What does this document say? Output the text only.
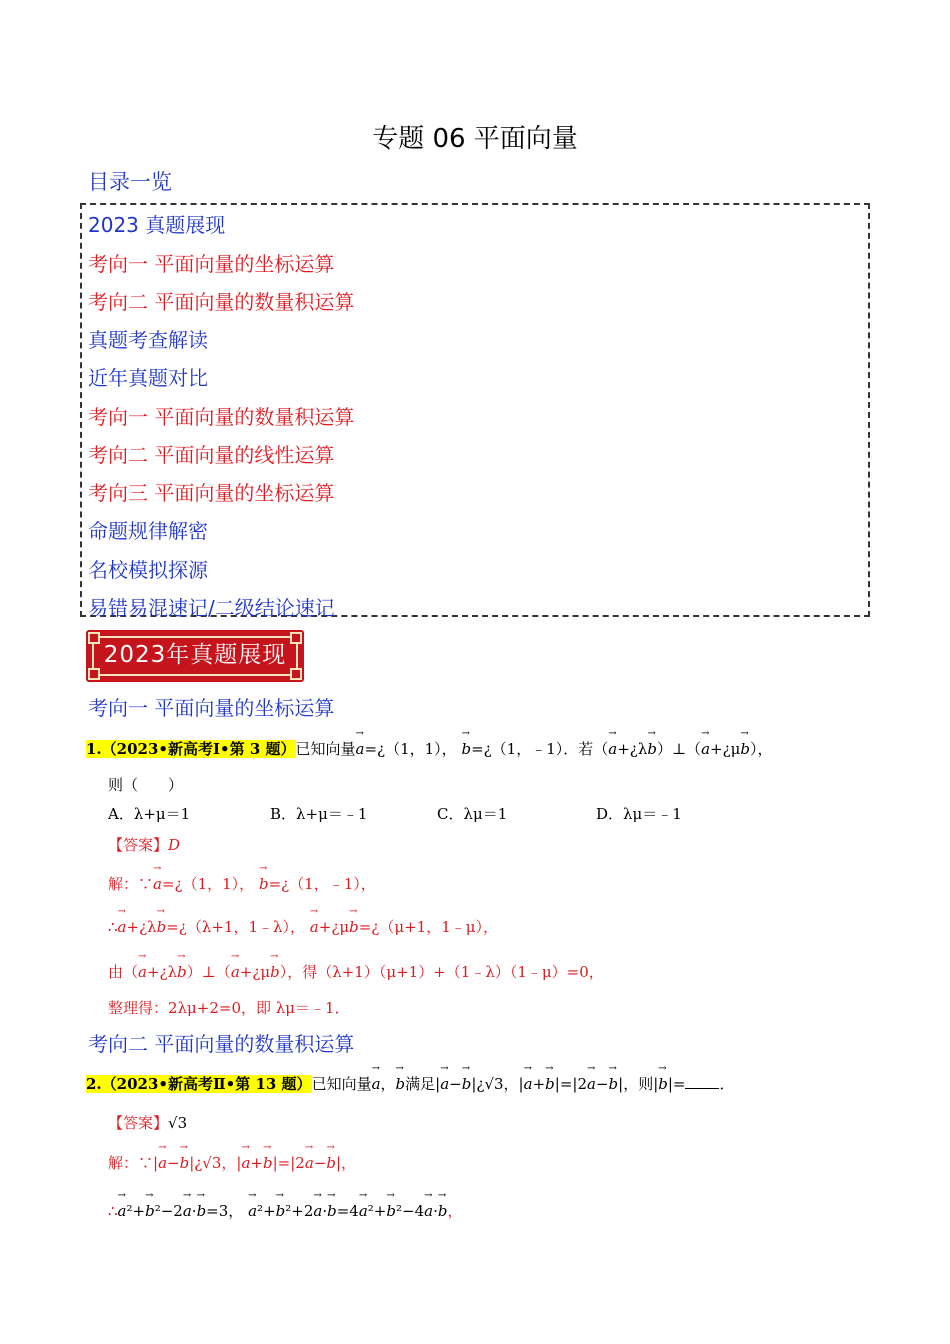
专题 06 平面向量
目录一览
2023 真题展现
考向一 平面向量的坐标运算
考向二 平面向量的数量积运算
真题考查解读
近年真题对比
考向一 平面向量的数量积运算
考向二 平面向量的线性运算
考向三 平面向量的坐标运算
命题规律解密
名校模拟探源
易错易混速记/二级结论速记
2023年真题展现
考向一 平面向量的坐标运算
1.（2023•新高考Ⅰ•第 3 题）已知向量→ a=¿（1，1）， → b=¿（1，﹣1）．若（→ a+¿λ→ b）⊥（→ a+¿μ→ b），
则（　　）
A．λ+μ＝1	B．λ+μ＝﹣1	C．λμ＝1	D．λμ＝﹣1
【答案】D
解：∵→ a=¿（1，1）， → b=¿（1，﹣1），
∴→ a+¿λ→ b=¿（λ+1，1﹣λ）， → a+¿μ→ b=¿（μ+1，1﹣μ），
由（→ a+¿λ→ b）⊥（→ a+¿μ→ b），得（λ+1）（μ+1）+（1﹣λ）（1﹣μ）=0，
整理得：2λμ+2=0，即 λμ＝﹣1．
考向二 平面向量的数量积运算
2.（2023•新高考Ⅱ•第 13 题）已知向量→ a，→ b满足|→ a−→ b|¿√3，|→ a+→ b|=|2→ a−→ b|，则|→ b|= ．
【答案】√3
解：∵|→ a−→ b|¿√3，|→ a+→ b|=|2→ a−→ b|，
∴→ a²+→ b²−2→ a·→ b=3， → a²+→ b²+2→ a·→ b=4→ a²+→ b²−4→ a·→ b，
